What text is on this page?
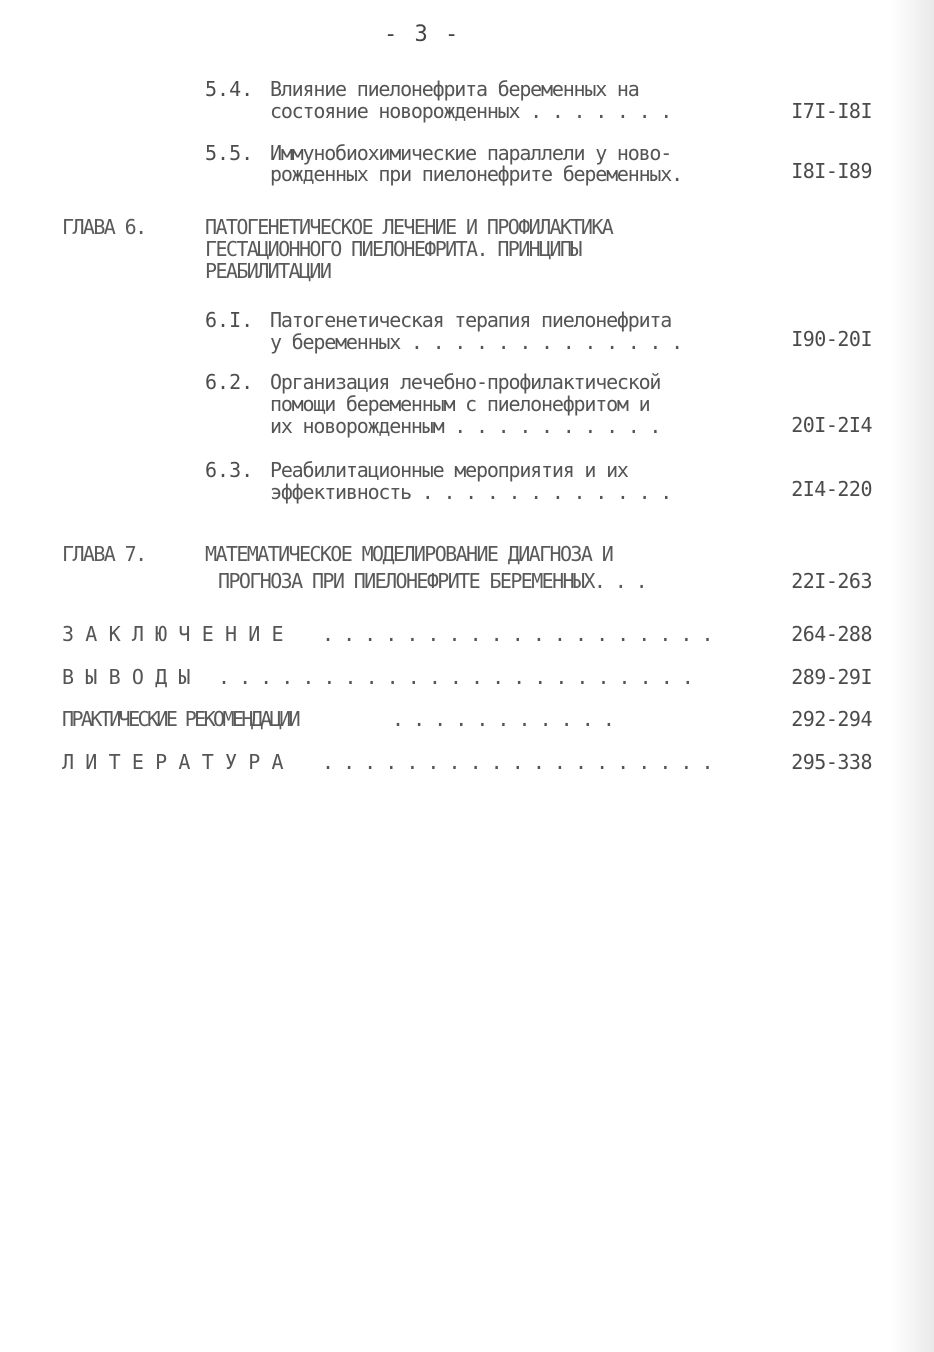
- 3 -
5.4. Влияние пиелонефрита беременных на
состояние новорожденных . . . . . . .	I7I-I8I
5.5. Иммунобиохимические параллели у ново-
рожденных при пиелонефрите беременных.	I8I-I89
ГЛАВА 6.	ПАТОГЕНЕТИЧЕСКОЕ ЛЕЧЕНИЕ И ПРОФИЛАКТИКА
ГЕСТАЦИОННОГО ПИЕЛОНЕФРИТА. ПРИНЦИПЫ
РЕАБИЛИТАЦИИ
6.I. Патогенетическая терапия пиелонефрита
у беременных . . . . . . . . . . . . .	I90-20I
6.2. Организация лечебно-профилактической
помощи беременным с пиелонефритом и
их новорожденным . . . . . . . . . .	20I-2I4
6.3. Реабилитационные мероприятия и их
эффективность . . . . . . . . . . . .	2I4-220
ГЛАВА 7.	МАТЕМАТИЧЕСКОЕ МОДЕЛИРОВАНИЕ ДИАГНОЗА И
ПРОГНОЗА ПРИ ПИЕЛОНЕФРИТЕ БЕРЕМЕННЫХ. . .	22I-263
З А К Л Ю Ч Е Н И Е . . . . . . . . . . . . . . . . . . .	264-288
В Ы В О Д Ы . . . . . . . . . . . . . . . . . . . . . . .	289-29I
ПРАКТИЧЕСКИЕ РЕКОМЕНДАЦИИ	. . . . . . . . . . .	292-294
Л И Т Е Р А Т У Р А . . . . . . . . . . . . . . . . . . .	295-338
